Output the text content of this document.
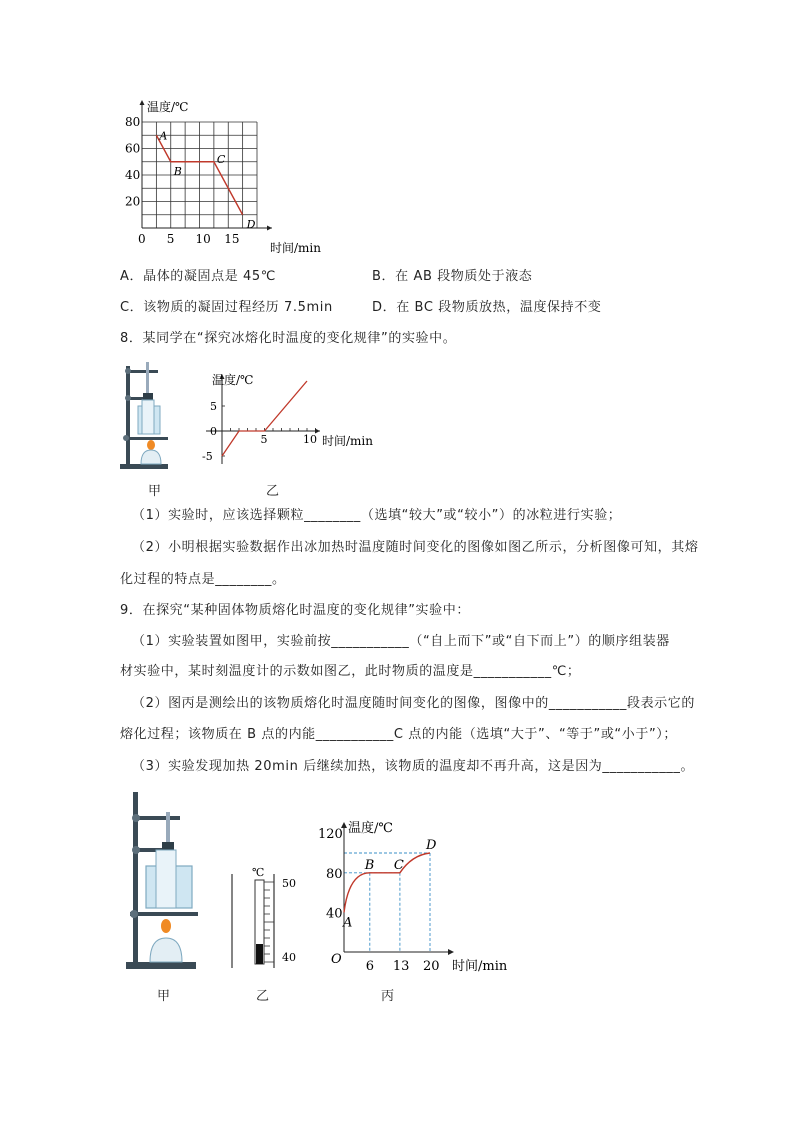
A
B
C
D
0 5 10 15
20
40
60
80
温度/℃
时间/min
A．晶体的凝固点是 45℃	B．在 AB 段物质处于液态
C．该物质的凝固过程经历 7.5min	D．在 BC 段物质放热，温度保持不变
8．某同学在“探究冰熔化时温度的变化规律”的实验中。
5	10
5
0
-5
温度/℃
时间/min
甲	乙
（1）实验时，应该选择颗粒________（选填“较大”或“较小”）的冰粒进行实验；
（2）小明根据实验数据作出冰加热时温度随时间变化的图像如图乙所示，分析图像可知，其熔
化过程的特点是________。
9．在探究“某种固体物质熔化时温度的变化规律”实验中：
（1）实验装置如图甲，实验前按___________（“自上而下”或“自下而上”）的顺序组装器
材实验中，某时刻温度计的示数如图乙，此时物质的温度是___________℃；
（2）图丙是测绘出的该物质熔化时温度随时间变化的图像，图像中的___________段表示它的
熔化过程；该物质在 B 点的内能___________C 点的内能（选填“大于”、“等于”或“小于”）；
（3）实验发现加热 20min 后继续加热，该物质的温度却不再升高，这是因为___________。
℃
50
40
A
B C
D
6 13 20
40
80
120 温度/℃
时间/min
O
甲	乙	丙
